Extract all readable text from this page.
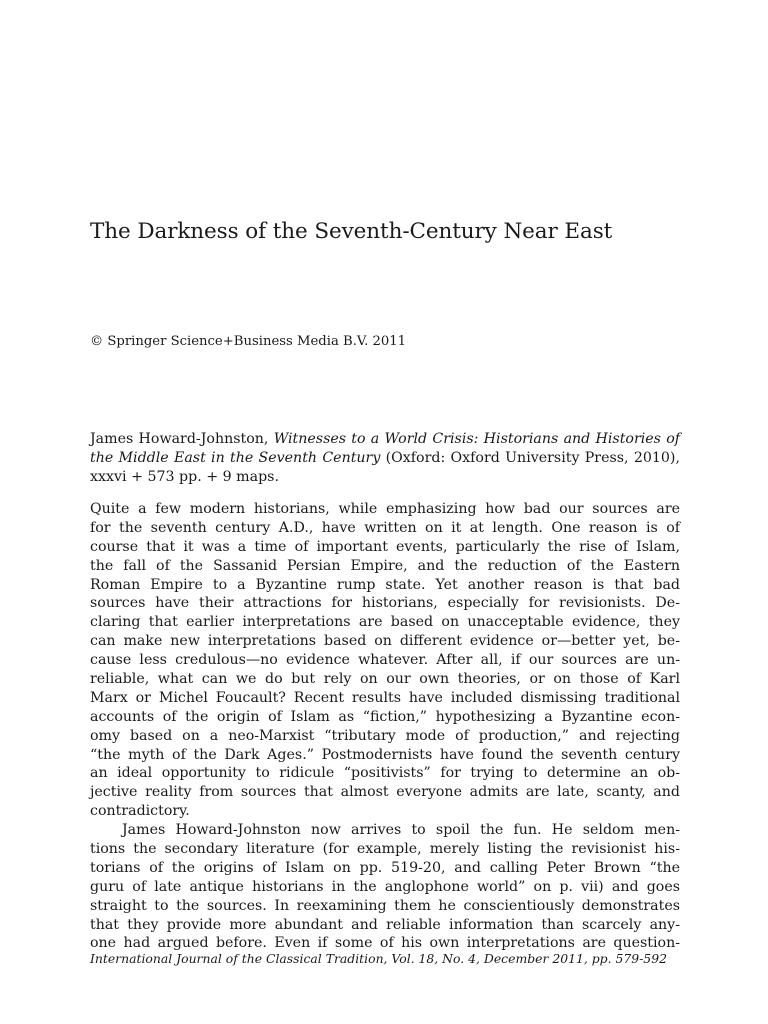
The Darkness of the Seventh-Century Near East
© Springer Science+Business Media B.V. 2011
James Howard-Johnston, Witnesses to a World Crisis: Historians and Histories of
the Middle East in the Seventh Century (Oxford: Oxford University Press, 2010),
xxxvi + 573 pp. + 9 maps.
Quite a few modern historians, while emphasizing how bad our sources are
for the seventh century A.D., have written on it at length. One reason is of
course that it was a time of important events, particularly the rise of Islam,
the fall of the Sassanid Persian Empire, and the reduction of the Eastern
Roman Empire to a Byzantine rump state. Yet another reason is that bad
sources have their attractions for historians, especially for revisionists. De-
claring that earlier interpretations are based on unacceptable evidence, they
can make new interpretations based on different evidence or—better yet, be-
cause less credulous—no evidence whatever. After all, if our sources are un-
reliable, what can we do but rely on our own theories, or on those of Karl
Marx or Michel Foucault? Recent results have included dismissing traditional
accounts of the origin of Islam as “fiction,” hypothesizing a Byzantine econ-
omy based on a neo-Marxist “tributary mode of production,” and rejecting
“the myth of the Dark Ages.” Postmodernists have found the seventh century
an ideal opportunity to ridicule “positivists” for trying to determine an ob-
jective reality from sources that almost everyone admits are late, scanty, and
contradictory.
James Howard-Johnston now arrives to spoil the fun. He seldom men-
tions the secondary literature (for example, merely listing the revisionist his-
torians of the origins of Islam on pp. 519-20, and calling Peter Brown “the
guru of late antique historians in the anglophone world” on p. vii) and goes
straight to the sources. In reexamining them he conscientiously demonstrates
that they provide more abundant and reliable information than scarcely any-
one had argued before. Even if some of his own interpretations are question-
International Journal of the Classical Tradition, Vol. 18, No. 4, December 2011, pp. 579-592
